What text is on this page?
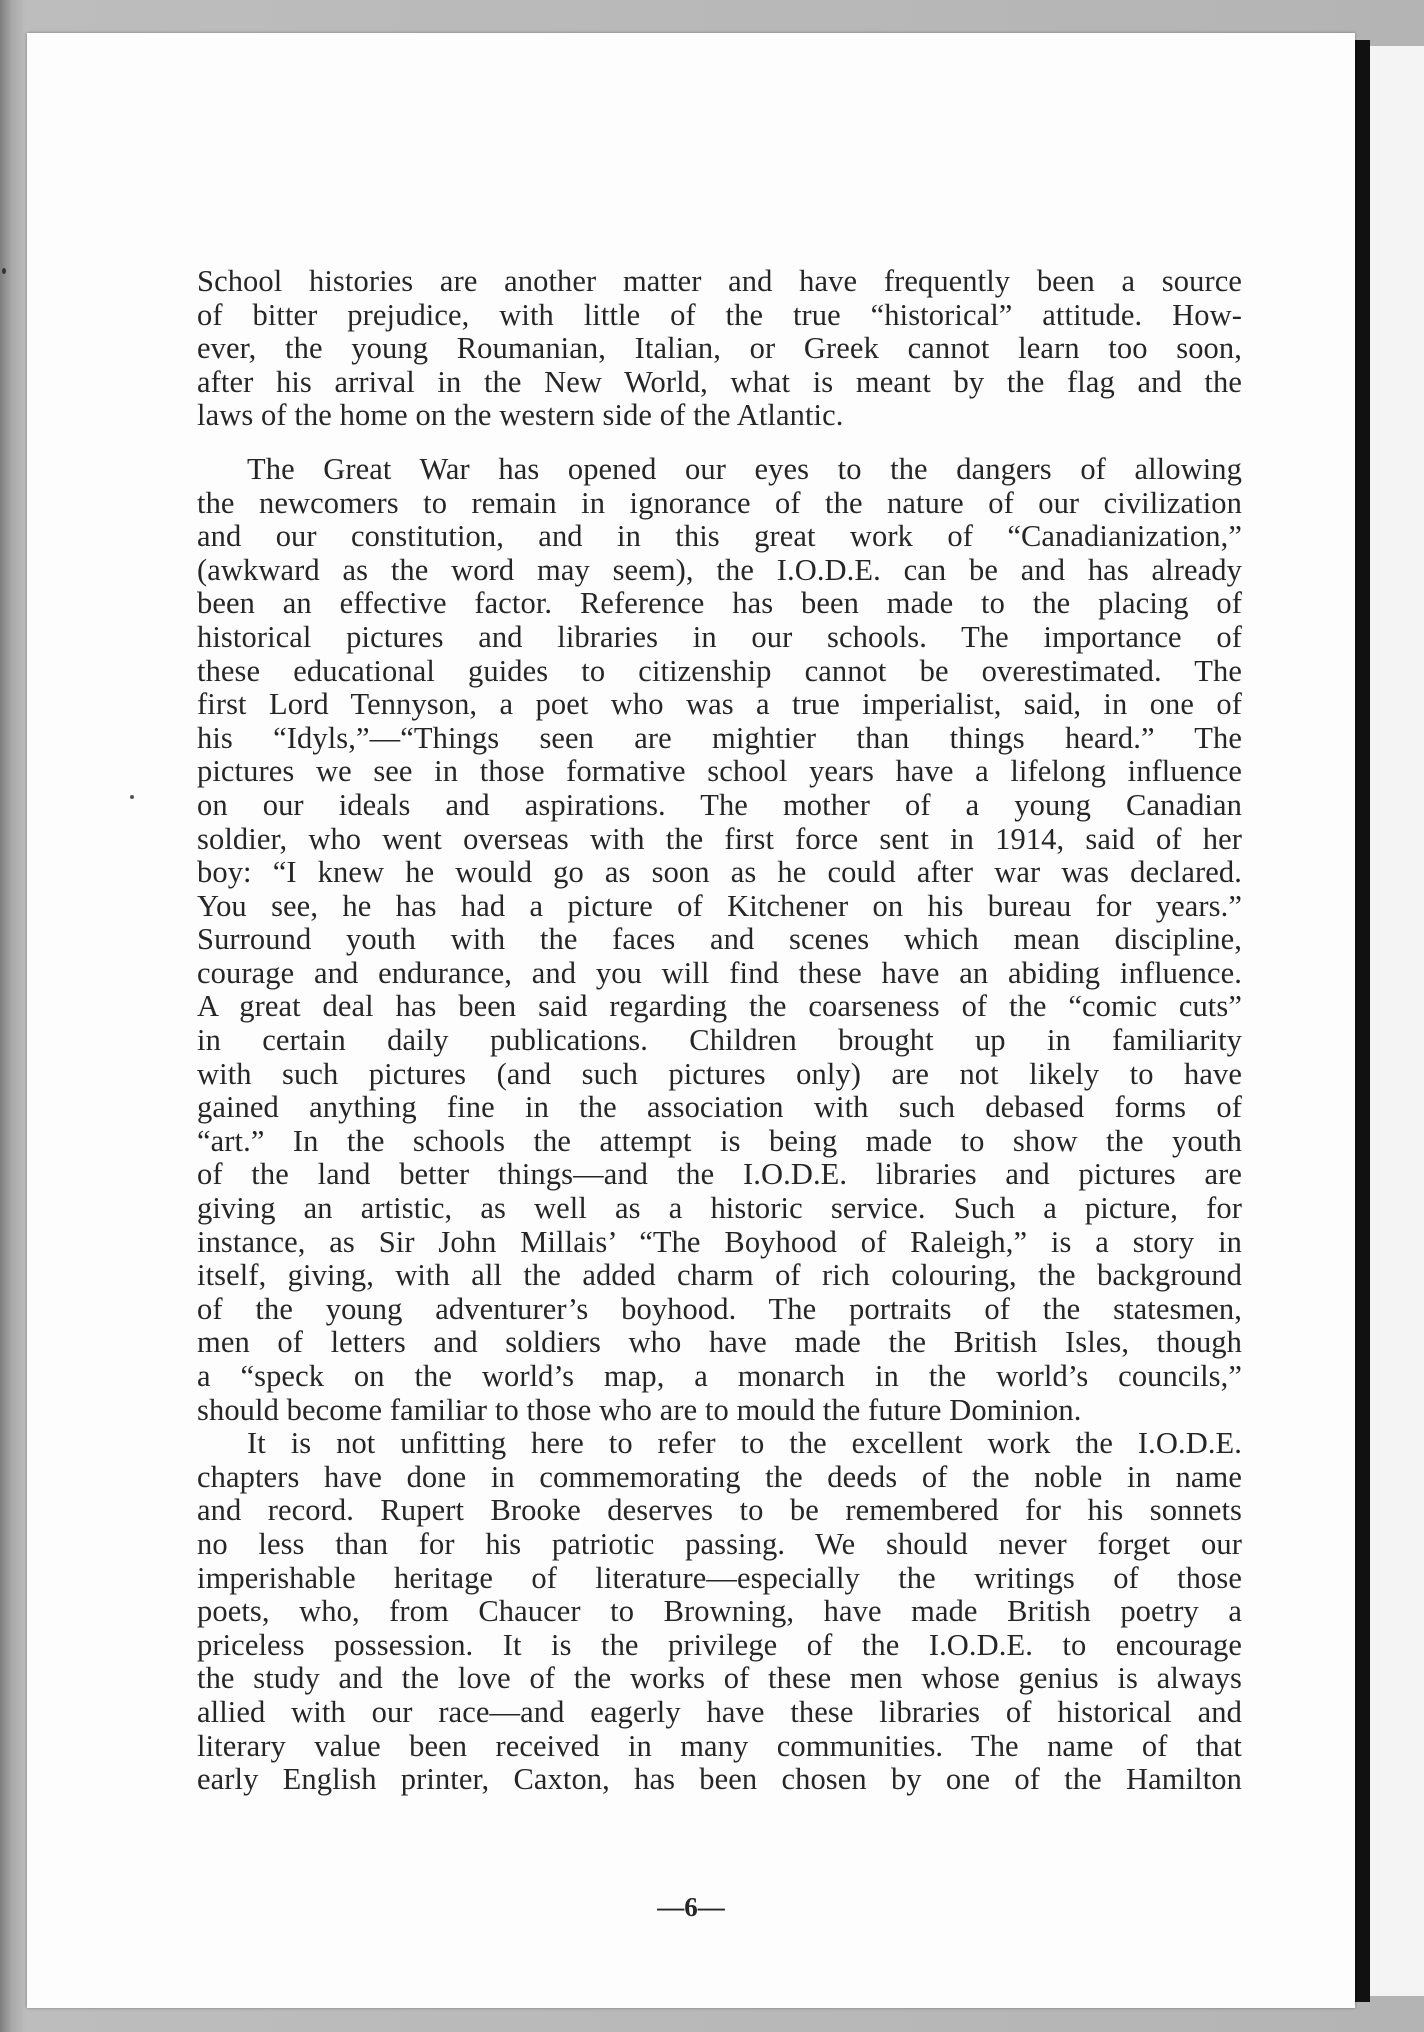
School histories are another matter and have frequently been a source
of bitter prejudice, with little of the true “historical” attitude. How-
ever, the young Roumanian, Italian, or Greek cannot learn too soon,
after his arrival in the New World, what is meant by the flag and the
laws of the home on the western side of the Atlantic.

The Great War has opened our eyes to the dangers of allowing
the newcomers to remain in ignorance of the nature of our civilization
and our constitution, and in this great work of “Canadianization,”
(awkward as the word may seem), the I.O.D.E. can be and has already
been an effective factor. Reference has been made to the placing of
historical pictures and libraries in our schools. The importance of
these educational guides to citizenship cannot be overestimated. The
first Lord Tennyson, a poet who was a true imperialist, said, in one of
his “Idyls,”—“Things seen are mightier than things heard.” The
pictures we see in those formative school years have a lifelong influence
on our ideals and aspirations. The mother of a young Canadian
soldier, who went overseas with the first force sent in 1914, said of her
boy: “I knew he would go as soon as he could after war was declared.
You see, he has had a picture of Kitchener on his bureau for years.”
Surround youth with the faces and scenes which mean discipline,
courage and endurance, and you will find these have an abiding influence.
A great deal has been said regarding the coarseness of the “comic cuts”
in certain daily publications. Children brought up in familiarity
with such pictures (and such pictures only) are not likely to have
gained anything fine in the association with such debased forms of
“art.” In the schools the attempt is being made to show the youth
of the land better things—and the I.O.D.E. libraries and pictures are
giving an artistic, as well as a historic service. Such a picture, for
instance, as Sir John Millais’ “The Boyhood of Raleigh,” is a story in
itself, giving, with all the added charm of rich colouring, the background
of the young adventurer’s boyhood. The portraits of the statesmen,
men of letters and soldiers who have made the British Isles, though
a “speck on the world’s map, a monarch in the world’s councils,”
should become familiar to those who are to mould the future Dominion.

It is not unfitting here to refer to the excellent work the I.O.D.E.
chapters have done in commemorating the deeds of the noble in name
and record. Rupert Brooke deserves to be remembered for his sonnets
no less than for his patriotic passing. We should never forget our
imperishable heritage of literature—especially the writings of those
poets, who, from Chaucer to Browning, have made British poetry a
priceless possession. It is the privilege of the I.O.D.E. to encourage
the study and the love of the works of these men whose genius is always
allied with our race—and eagerly have these libraries of historical and
literary value been received in many communities. The name of that
early English printer, Caxton, has been chosen by one of the Hamilton

—6—
